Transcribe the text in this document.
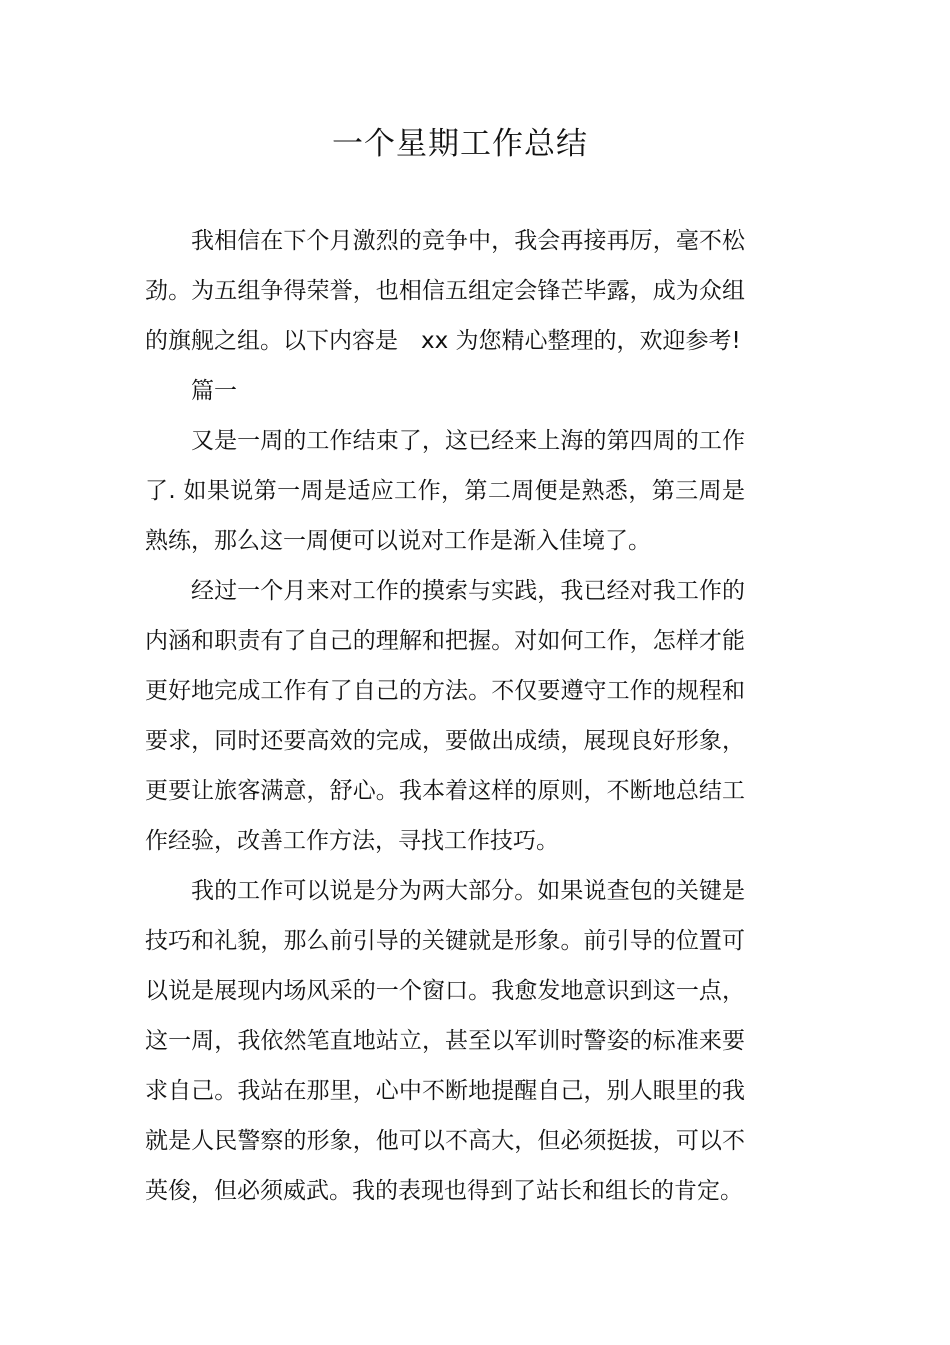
一个星期工作总结

我相信在下个月激烈的竞争中，我会再接再厉，毫不松劲。为五组争得荣誉，也相信五组定会锋芒毕露，成为众组的旗舰之组。以下内容是　xx 为您精心整理的，欢迎参考!

篇一

又是一周的工作结束了，这已经来上海的第四周的工作了. 如果说第一周是适应工作，第二周便是熟悉，第三周是熟练，那么这一周便可以说对工作是渐入佳境了。

经过一个月来对工作的摸索与实践，我已经对我工作的内涵和职责有了自己的理解和把握。对如何工作，怎样才能更好地完成工作有了自己的方法。不仅要遵守工作的规程和要求，同时还要高效的完成，要做出成绩，展现良好形象，更要让旅客满意，舒心。我本着这样的原则，不断地总结工作经验，改善工作方法，寻找工作技巧。

我的工作可以说是分为两大部分。如果说查包的关键是技巧和礼貌，那么前引导的关键就是形象。前引导的位置可以说是展现内场风采的一个窗口。我愈发地意识到这一点，这一周，我依然笔直地站立，甚至以军训时警姿的标准来要求自己。我站在那里，心中不断地提醒自己，别人眼里的我就是人民警察的形象，他可以不高大，但必须挺拔，可以不英俊，但必须威武。我的表现也得到了站长和组长的肯定。
